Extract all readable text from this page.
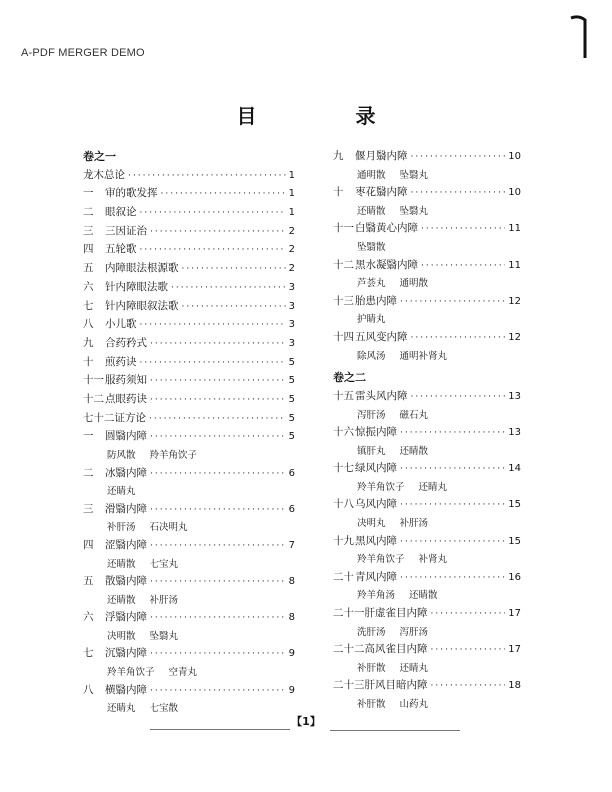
A-PDF MERGER DEMO
目 录
卷之一
龙木总论 ·····	1
一	审的歌发挥 ·····	1
二	眼叙论 ·····	1
三	三因证治 ·····	2
四	五轮歌 ·····	2
五	内障眼法根源歌 ·····	2
六	针内障眼法歌 ·····	3
七	针内障眼叙法歌 ·····	3
八	小儿歌 ·····	3
九	合药矜式 ·····	3
十	煎药诀 ·····	5
十一 服药须知 ·····	5
十二 点眼药诀 ·····	5
七十二证方论 ·····	5
一	圆翳内障 ·····	5
防风散 羚羊角饮子
二	冰翳内障 ·····	6
还睛丸
三	滑翳内障 ·····	6
补肝汤 石决明丸
四	涩翳内障 ·····	7
还睛散 七宝丸
五	散翳内障 ·····	8
还睛散 补肝汤
六	浮翳内障 ·····	8
决明散 坠翳丸
七	沉翳内障 ·····	9
羚羊角饮子 空青丸
八	横翳内障 ·····	9
还睛丸 七宝散
九	偃月翳内障 ·····	10
通明散 坠翳丸
十	枣花翳内障 ·····	10
还睛散 坠翳丸
十一 白翳黄心内障 ·····	11
坠翳散
十二 黑水凝翳内障 ·····	11
芦荟丸 通明散
十三 胎患内障 ·····	12
护睛丸
十四 五风变内障 ·····	12
除风汤 通明补肾丸
卷之二
十五 雷头风内障 ·····	13
泻肝汤 磁石丸
十六 惊振内障 ·····	13
镇肝丸 还睛散
十七 绿风内障 ·····	14
羚羊角饮子 还睛丸
十八 乌风内障 ·····	15
决明丸 补肝汤
十九 黑风内障 ·····	15
羚羊角饮子 补肾丸
二十 青风内障 ·····	16
羚羊角汤 还睛散
二十一 肝虚雀目内障 ·····	17
洗肝汤 泻肝汤
二十二 高风雀目内障 ·····	17
补肝散 还睛丸
二十三 肝风目暗内障 ·····	18
补肝散 山药丸
【1】
